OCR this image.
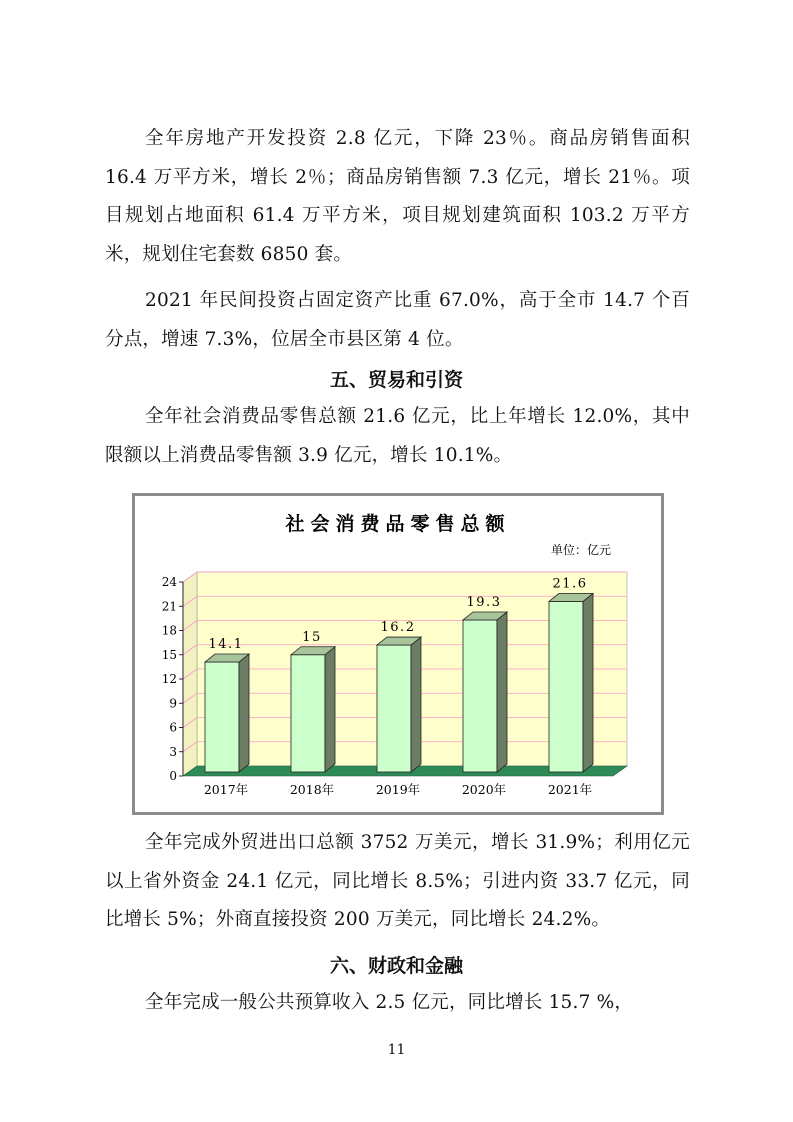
全年房地产开发投资 2.8 亿元，下降 23％。商品房销售面积 16.4 万平方米，增长 2％；商品房销售额 7.3 亿元，增长 21％。项目规划占地面积 61.4 万平方米，项目规划建筑面积 103.2 万平方米，规划住宅套数 6850 套。

2021 年民间投资占固定资产比重 67.0%，高于全市 14.7 个百分点，增速 7.3%，位居全市县区第 4 位。

五、贸易和引资

全年社会消费品零售总额 21.6 亿元，比上年增长 12.0%，其中限额以上消费品零售额 3.9 亿元，增长 10.1%。

社会消费品零售总额
单位：亿元
0
3
6
9
12
15
18
21
24
14.1
2017年
15
2018年
16.2
2019年
19.3
2020年
21.6
2021年

全年完成外贸进出口总额 3752 万美元，增长 31.9%；利用亿元以上省外资金 24.1 亿元，同比增长 8.5%；引进内资 33.7 亿元，同比增长 5%；外商直接投资 200 万美元，同比增长 24.2%。

六、财政和金融

全年完成一般公共预算收入 2.5 亿元，同比增长 15.7 %，

11
